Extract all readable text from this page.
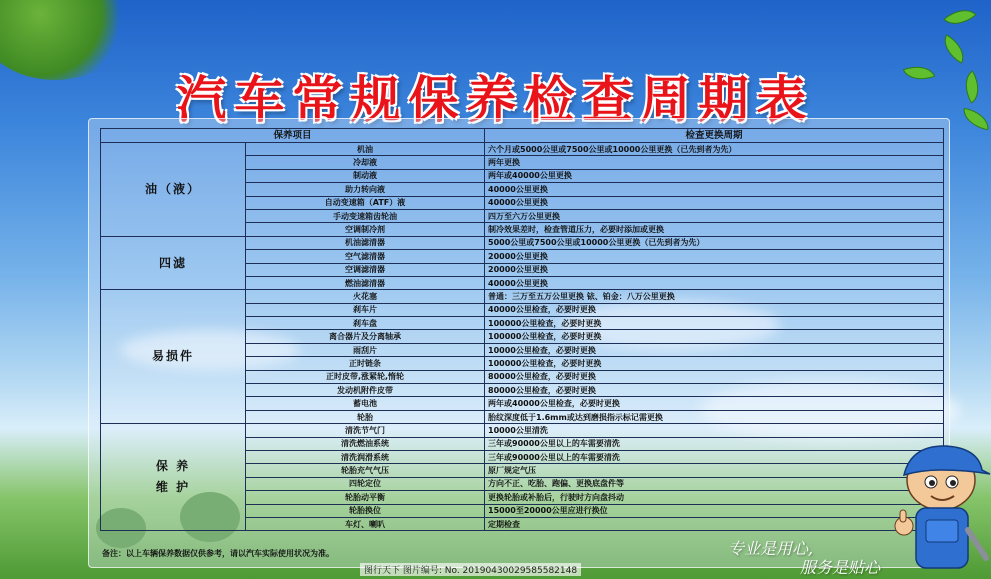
汽车常规保养检查周期表
保养项目		检查更换周期
油（液）	机油	六个月或5000公里或7500公里或10000公里更换（已先到者为先）
	冷却液	两年更换
	制动液	两年或40000公里更换
	助力转向液	40000公里更换
	自动变速箱（ATF）液	40000公里更换
	手动变速箱齿轮油	四万至六万公里更换
	空调制冷剂	制冷效果差时，检查管道压力，必要时添加或更换
四滤	机油滤清器	5000公里或7500公里或10000公里更换（已先到者为先）
	空气滤清器	20000公里更换
	空调滤清器	20000公里更换
	燃油滤清器	40000公里更换
易损件	火花塞	普通：三万至五万公里更换 铱、铂金：八万公里更换
	刹车片	40000公里检查，必要时更换
	刹车盘	100000公里检查，必要时更换
	离合器片及分离轴承	100000公里检查，必要时更换
	雨刮片	10000公里检查，必要时更换
	正时链条	100000公里检查，必要时更换
	正时皮带,涨紧轮,惰轮	80000公里检查，必要时更换
	发动机附件皮带	80000公里检查，必要时更换
	蓄电池	两年或40000公里检查，必要时更换
	轮胎	胎纹深度低于1.6mm或达到磨损指示标记需更换

保 养
维 护	清洗节气门	10000公里清洗
	清洗燃油系统	三年或90000公里以上的车需要清洗
	清洗润滑系统	三年或90000公里以上的车需要清洗
	轮胎充气气压	原厂规定气压
	四轮定位	方向不正、吃胎、跑偏、更换底盘件等
	轮胎动平衡	更换轮胎或补胎后，行驶时方向盘抖动
	轮胎换位	15000至20000公里应进行换位
	车灯、喇叭	定期检查
备注：以上车辆保养数据仅供参考，请以汽车实际使用状况为准。	专业是用心,
服务是贴心
图行天下 图片编号: No. 20190430029585582148
